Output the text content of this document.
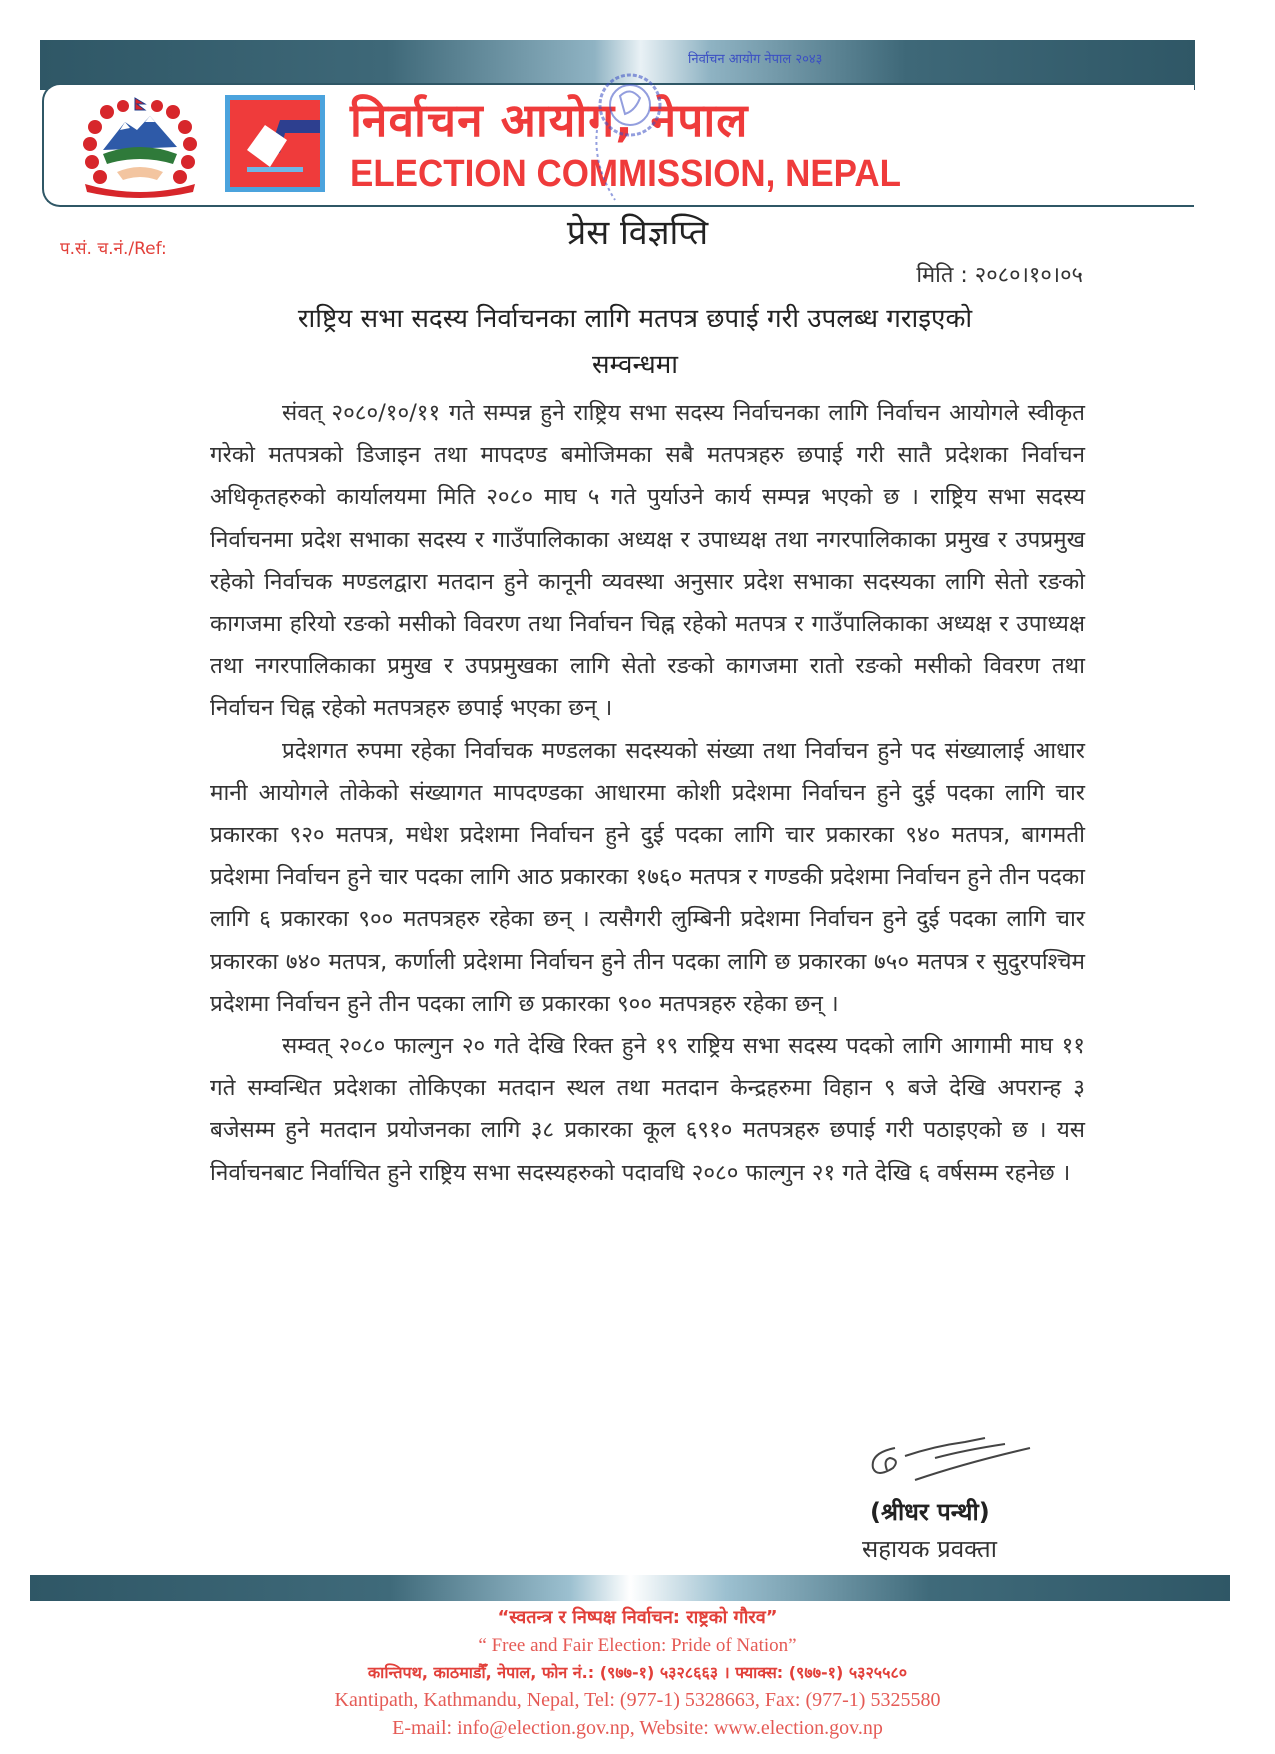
निर्वाचन आयोग, नेपाल
ELECTION COMMISSION, NEPAL
निर्वाचन आयोग नेपाल २०४३
प.सं. च.नं./Ref:	प्रेस विज्ञप्ति
मिति : २०८०।१०।०५
राष्ट्रिय सभा सदस्य निर्वाचनका लागि मतपत्र छपाई गरी उपलब्ध गराइएको
सम्वन्धमा

संवत् २०८०/१०/११ गते सम्पन्न हुने राष्ट्रिय सभा सदस्य निर्वाचनका लागि निर्वाचन आयोगले स्वीकृत गरेको मतपत्रको डिजाइन तथा मापदण्ड बमोजिमका सबै मतपत्रहरु छपाई गरी सातै प्रदेशका निर्वाचन अधिकृतहरुको कार्यालयमा मिति २०८० माघ ५ गते पुर्याउने कार्य सम्पन्न भएको छ । राष्ट्रिय सभा सदस्य निर्वाचनमा प्रदेश सभाका सदस्य र गाउँपालिकाका अध्यक्ष र उपाध्यक्ष तथा नगरपालिकाका प्रमुख र उपप्रमुख रहेको निर्वाचक मण्डलद्वारा मतदान हुने कानूनी व्यवस्था अनुसार प्रदेश सभाका सदस्यका लागि सेतो रङको कागजमा हरियो रङको मसीको विवरण तथा निर्वाचन चिह्न रहेको मतपत्र र गाउँपालिकाका अध्यक्ष र उपाध्यक्ष तथा नगरपालिकाका प्रमुख र उपप्रमुखका लागि सेतो रङको कागजमा रातो रङको मसीको विवरण तथा निर्वाचन चिह्न रहेको मतपत्रहरु छपाई भएका छन् ।

प्रदेशगत रुपमा रहेका निर्वाचक मण्डलका सदस्यको संख्या तथा निर्वाचन हुने पद संख्यालाई आधार मानी आयोगले तोकेको संख्यागत मापदण्डका आधारमा कोशी प्रदेशमा निर्वाचन हुने दुई पदका लागि चार प्रकारका ९२० मतपत्र, मधेश प्रदेशमा निर्वाचन हुने दुई पदका लागि चार प्रकारका ९४० मतपत्र, बागमती प्रदेशमा निर्वाचन हुने चार पदका लागि आठ प्रकारका १७६० मतपत्र र गण्डकी प्रदेशमा निर्वाचन हुने तीन पदका लागि ६ प्रकारका ९०० मतपत्रहरु रहेका छन् । त्यसैगरी लुम्बिनी प्रदेशमा निर्वाचन हुने दुई पदका लागि चार प्रकारका ७४० मतपत्र, कर्णाली प्रदेशमा निर्वाचन हुने तीन पदका लागि छ प्रकारका ७५० मतपत्र र सुदुरपश्चिम प्रदेशमा निर्वाचन हुने तीन पदका लागि छ प्रकारका ९०० मतपत्रहरु रहेका छन् ।

सम्वत् २०८० फाल्गुन २० गते देखि रिक्त हुने १९ राष्ट्रिय सभा सदस्य पदको लागि आगामी माघ ११ गते सम्वन्धित प्रदेशका तोकिएका मतदान स्थल तथा मतदान केन्द्रहरुमा विहान ९ बजे देखि अपरान्ह ३ बजेसम्म हुने मतदान प्रयोजनका लागि ३८ प्रकारका कूल ६९१० मतपत्रहरु छपाई गरी पठाइएको छ । यस निर्वाचनबाट निर्वाचित हुने राष्ट्रिय सभा सदस्यहरुको पदावधि २०८० फाल्गुन २१ गते देखि ६ वर्षसम्म रहनेछ ।

(श्रीधर पन्थी)
सहायक प्रवक्ता
“स्वतन्त्र र निष्पक्ष निर्वाचन: राष्ट्रको गौरव”
“ Free and Fair Election: Pride of Nation”
कान्तिपथ, काठमाडौँ, नेपाल, फोन नं.: (९७७-१) ५३२८६६३ । फ्याक्स: (९७७-१) ५३२५५८०
Kantipath, Kathmandu, Nepal, Tel: (977-1) 5328663, Fax: (977-1) 5325580
E-mail: info@election.gov.np, Website: www.election.gov.np
